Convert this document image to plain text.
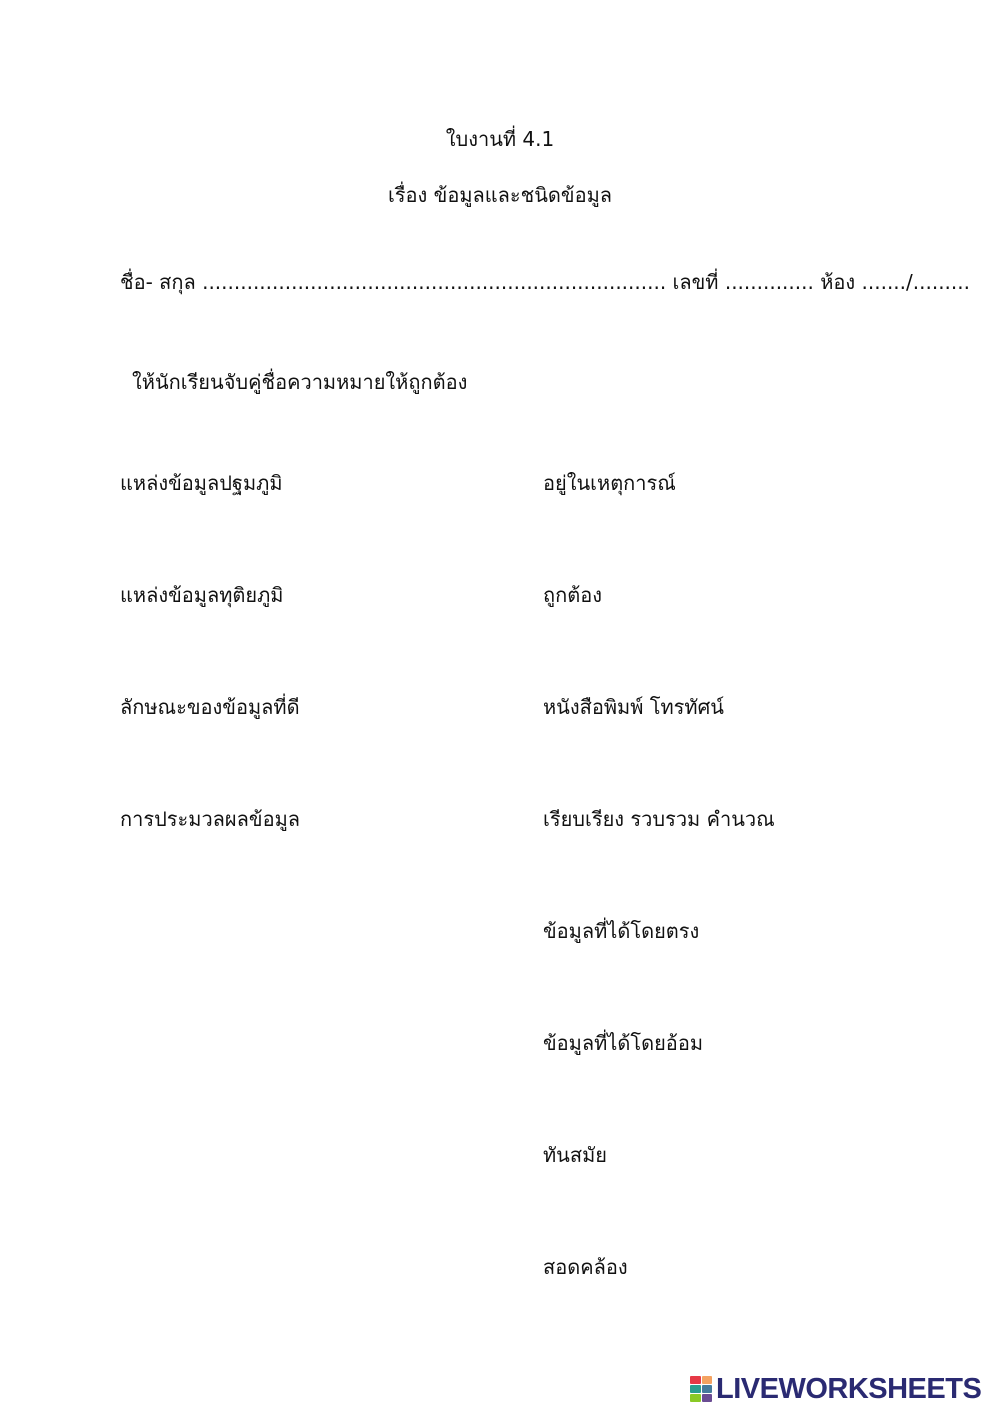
ใบงานที่ 4.1
เรื่อง ข้อมูลและชนิดข้อมูล
ชื่อ- สกุล ......................................................................... เลขที่ .............. ห้อง ......./.........
ให้นักเรียนจับคู่ชื่อความหมายให้ถูกต้อง
แหล่งข้อมูลปฐมภูมิ
แหล่งข้อมูลทุติยภูมิ
ลักษณะของข้อมูลที่ดี
การประมวลผลข้อมูล
อยู่ในเหตุการณ์
ถูกต้อง
หนังสือพิมพ์ โทรทัศน์
เรียบเรียง รวบรวม คำนวณ
ข้อมูลที่ได้โดยตรง
ข้อมูลที่ได้โดยอ้อม
ทันสมัย
สอดคล้อง
LIVEWORKSHEETS
